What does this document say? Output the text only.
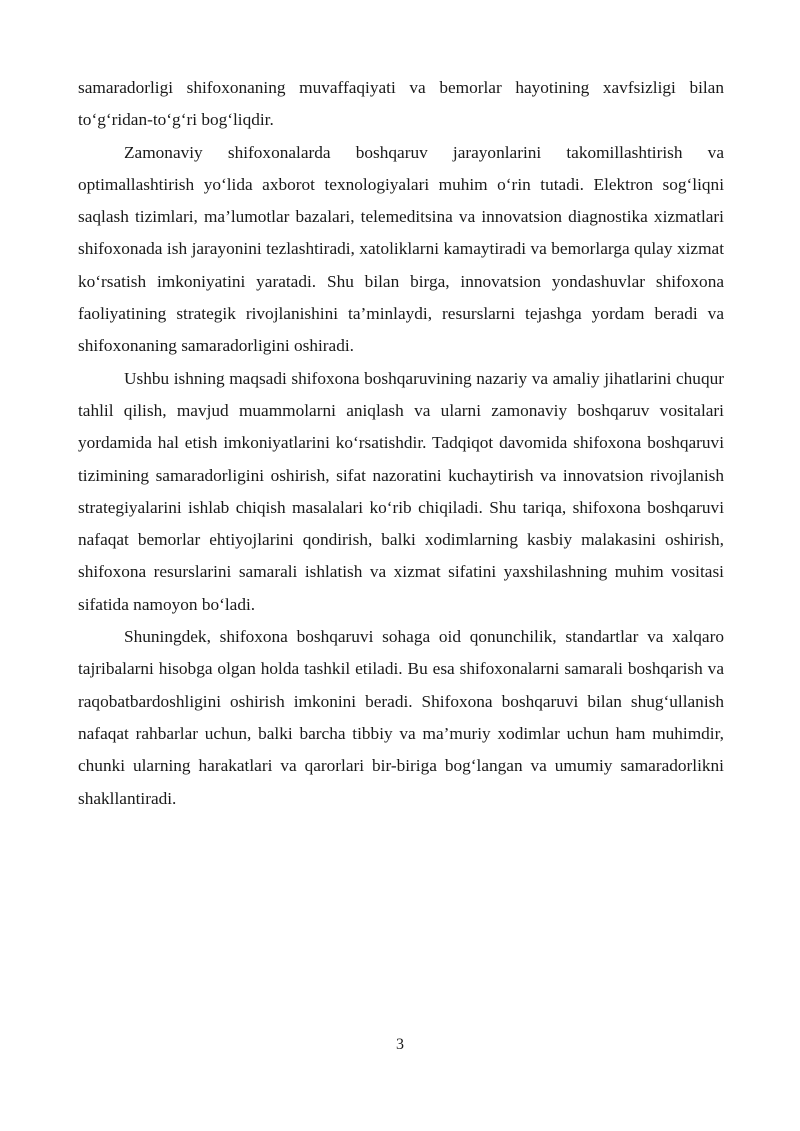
samaradorligi shifoxonaning muvaffaqiyati va bemorlar hayotining xavfsizligi bilan to‘g‘ridan-to‘g‘ri bog‘liqdir.

Zamonaviy shifoxonalarda boshqaruv jarayonlarini takomillashtirish va optimallashtirish yo‘lida axborot texnologiyalari muhim o‘rin tutadi. Elektron sog‘liqni saqlash tizimlari, ma’lumotlar bazalari, telemeditsina va innovatsion diagnostika xizmatlari shifoxonada ish jarayonini tezlashtiradi, xatoliklarni kamaytiradi va bemorlarga qulay xizmat ko‘rsatish imkoniyatini yaratadi. Shu bilan birga, innovatsion yondashuvlar shifoxona faoliyatining strategik rivojlanishini ta’minlaydi, resurslarni tejashga yordam beradi va shifoxonaning samaradorligini oshiradi.

Ushbu ishning maqsadi shifoxona boshqaruvining nazariy va amaliy jihatlarini chuqur tahlil qilish, mavjud muammolarni aniqlash va ularni zamonaviy boshqaruv vositalari yordamida hal etish imkoniyatlarini ko‘rsatishdir. Tadqiqot davomida shifoxona boshqaruvi tizimining samaradorligini oshirish, sifat nazoratini kuchaytirish va innovatsion rivojlanish strategiyalarini ishlab chiqish masalalari ko‘rib chiqiladi. Shu tariqa, shifoxona boshqaruvi nafaqat bemorlar ehtiyojlarini qondirish, balki xodimlarning kasbiy malakasini oshirish, shifoxona resurslarini samarali ishlatish va xizmat sifatini yaxshilashning muhim vositasi sifatida namoyon bo‘ladi.

Shuningdek, shifoxona boshqaruvi sohaga oid qonunchilik, standartlar va xalqaro tajribalarni hisobga olgan holda tashkil etiladi. Bu esa shifoxonalarni samarali boshqarish va raqobatbardoshligini oshirish imkonini beradi. Shifoxona boshqaruvi bilan shug‘ullanish nafaqat rahbarlar uchun, balki barcha tibbiy va ma’muriy xodimlar uchun ham muhimdir, chunki ularning harakatlari va qarorlari bir-biriga bog‘langan va umumiy samaradorlikni shakllantiradi.

3
